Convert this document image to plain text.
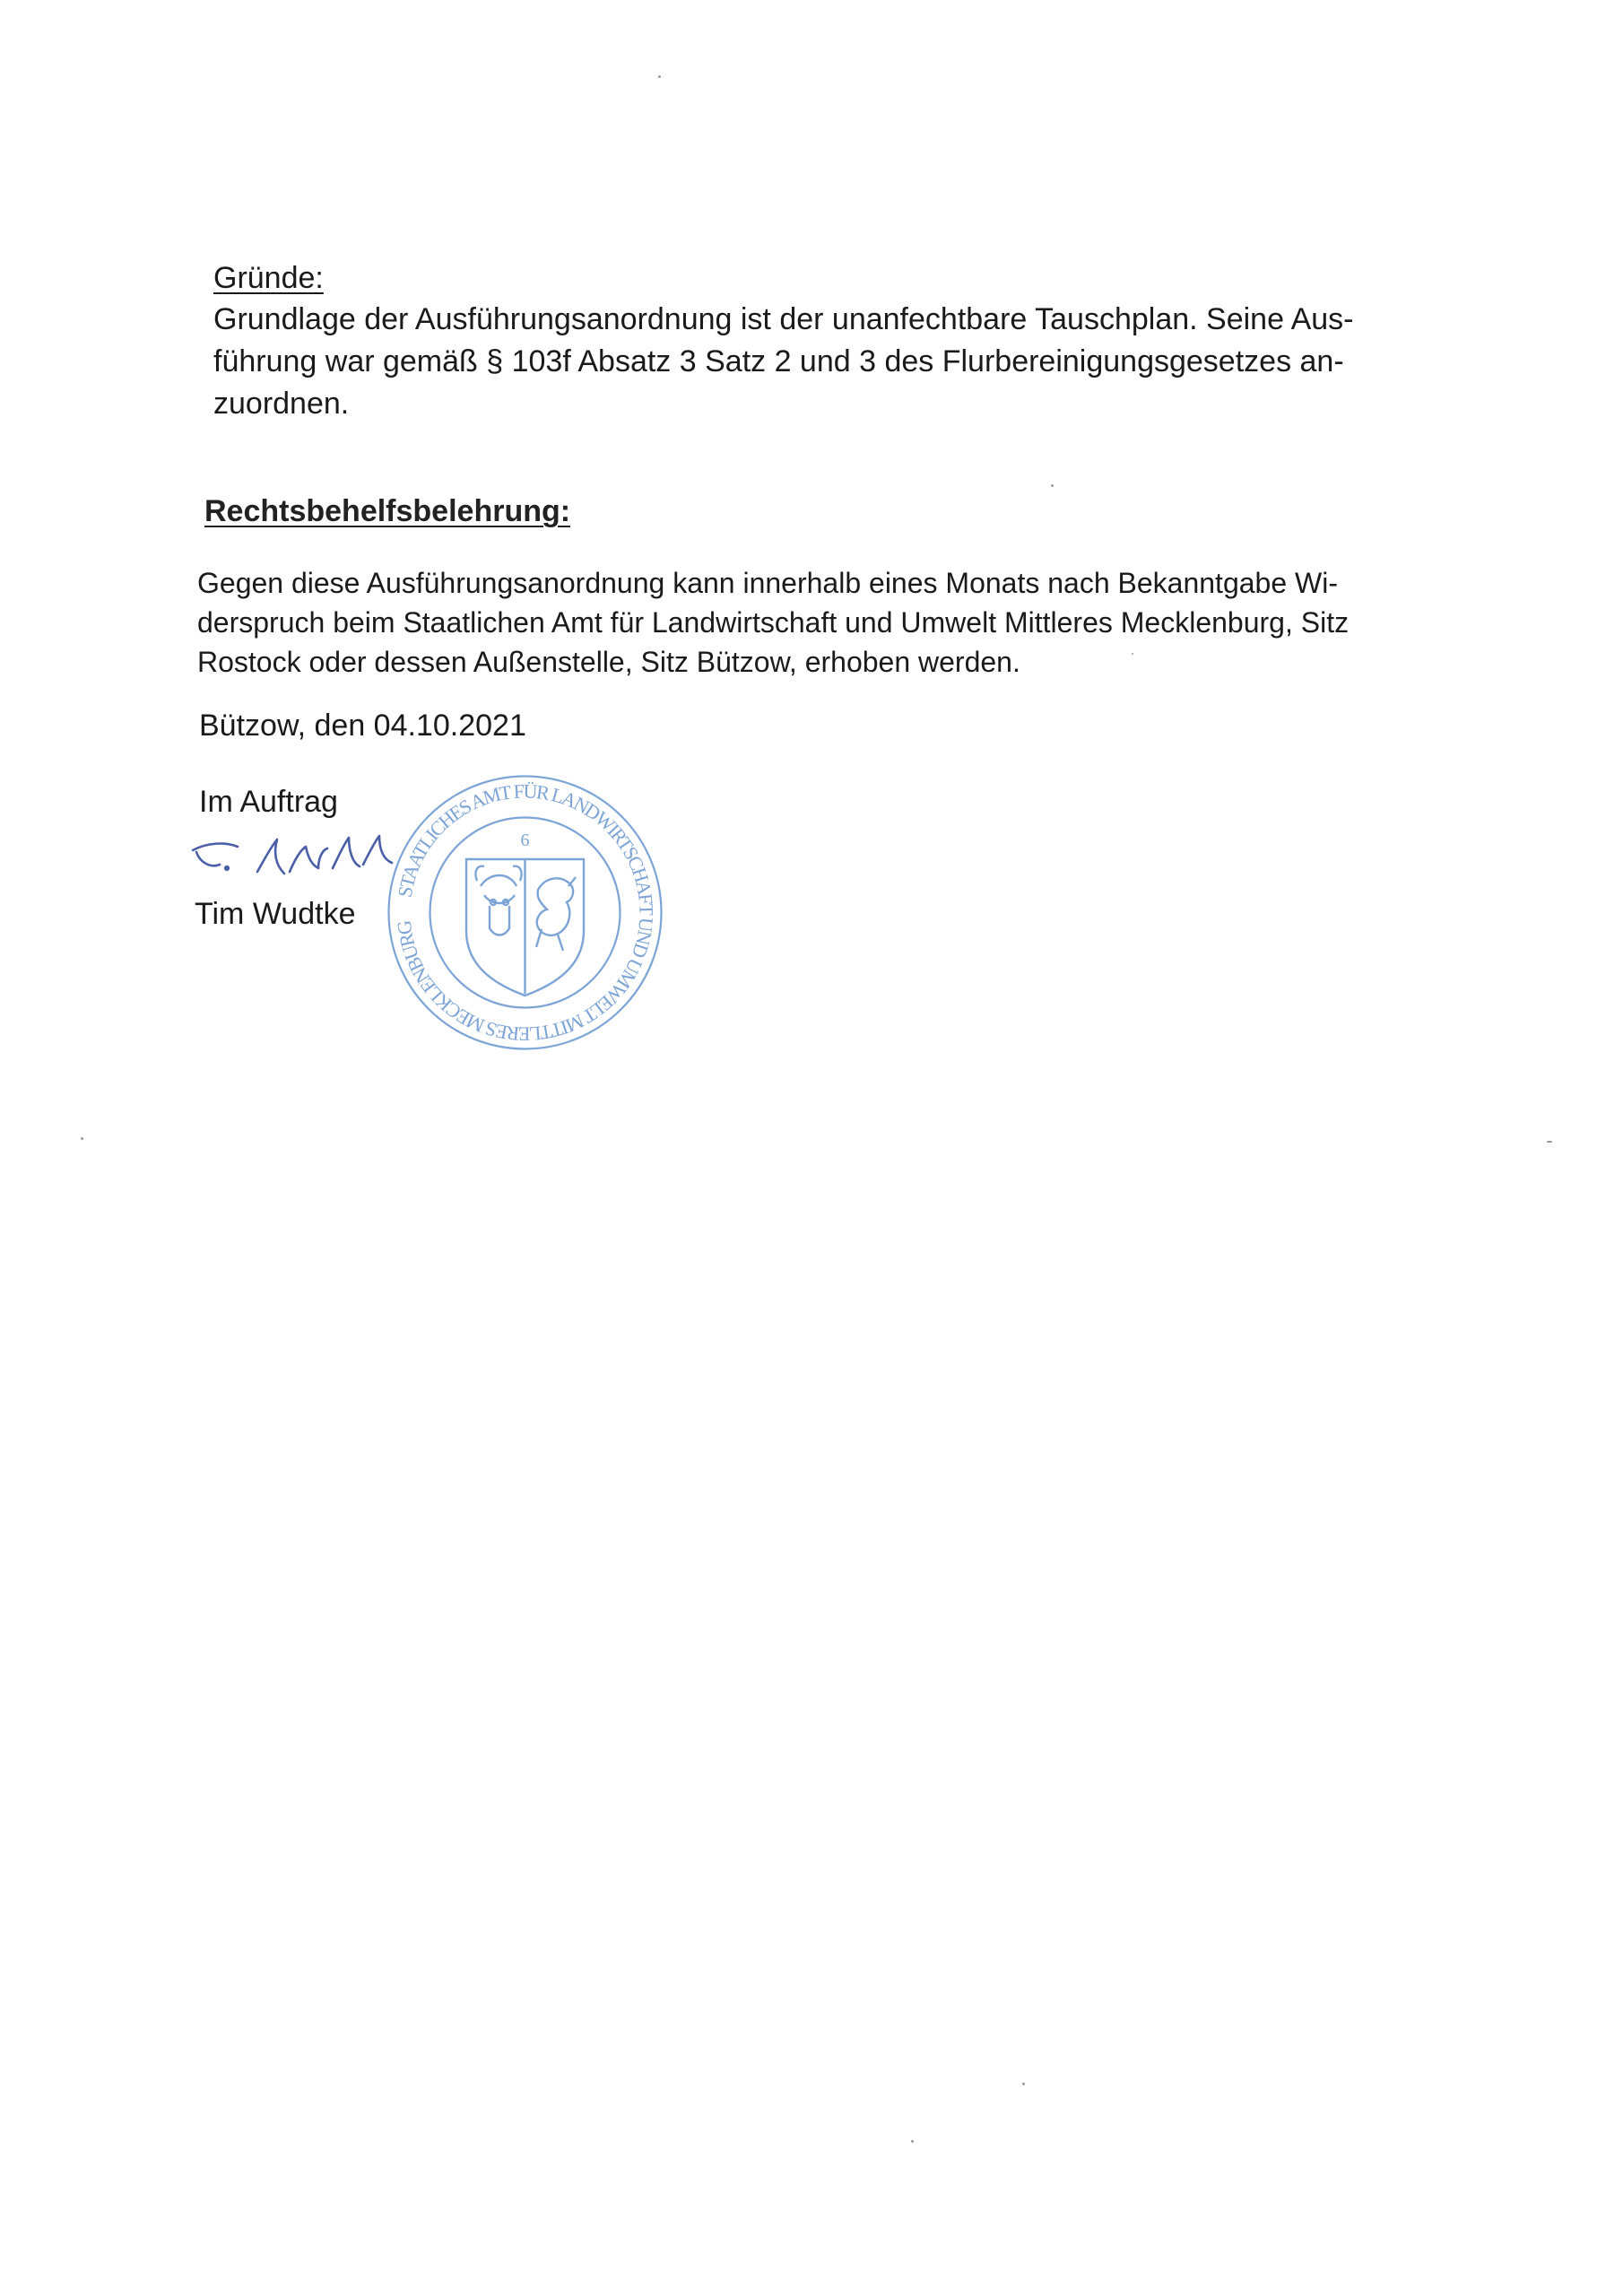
Gründe:
Grundlage der Ausführungsanordnung ist der unanfechtbare Tauschplan. Seine Aus-
führung war gemäß § 103f Absatz 3 Satz 2 und 3 des Flurbereinigungsgesetzes an-
zuordnen.
Rechtsbehelfsbelehrung:
Gegen diese Ausführungsanordnung kann innerhalb eines Monats nach Bekanntgabe Wi-
derspruch beim Staatlichen Amt für Landwirtschaft und Umwelt Mittleres Mecklenburg, Sitz
Rostock oder dessen Außenstelle, Sitz Bützow, erhoben werden.
Bützow, den 04.10.2021
Im Auftrag
Tim Wudtke
STAATLICHES AMT FÜR LANDWIRTSCHAFT UND UMWELT MITTLERES MECKLENBURG
6
